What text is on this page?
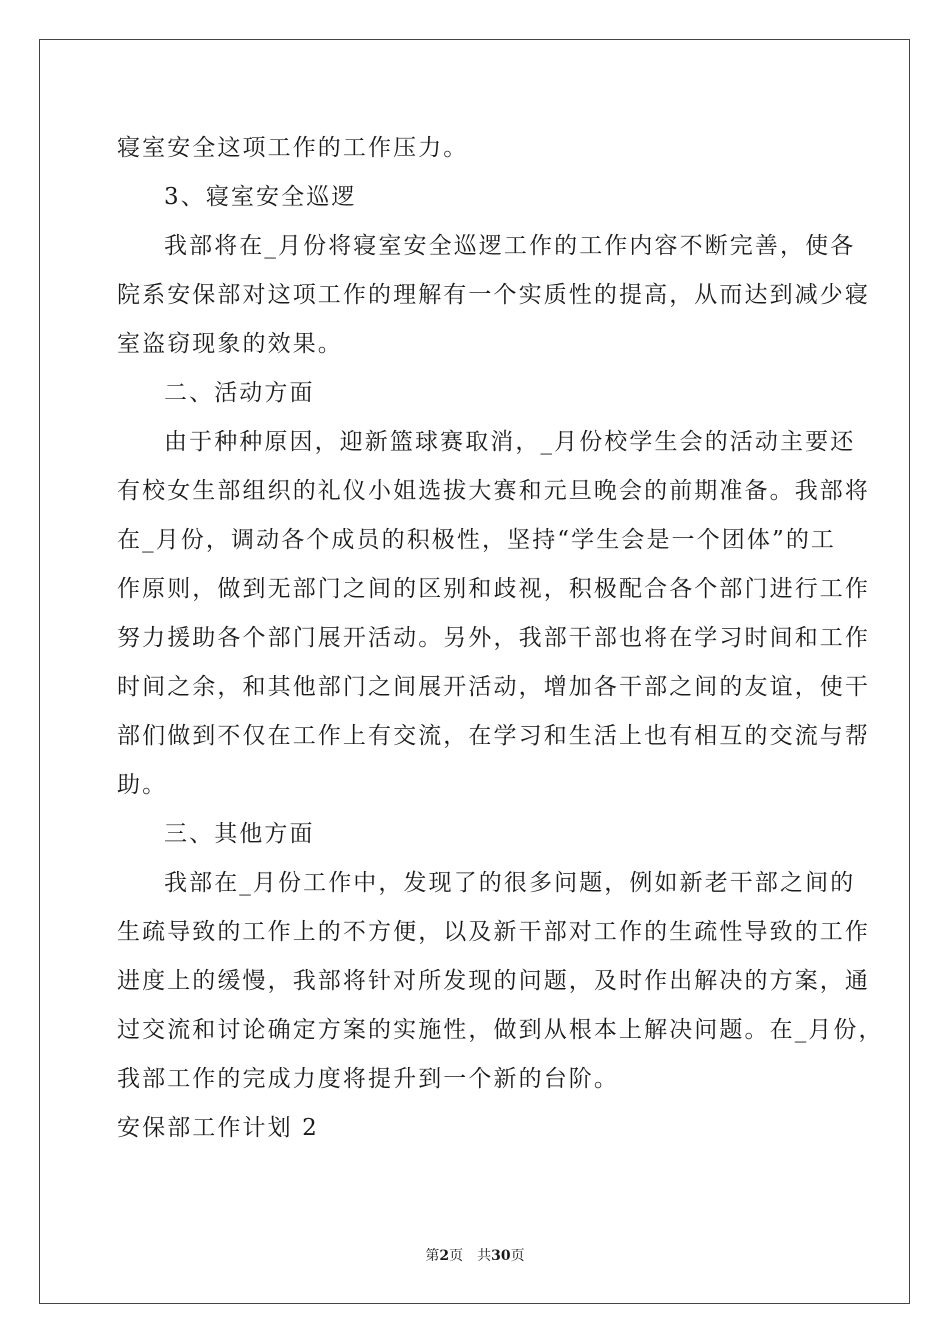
寝室安全这项工作的工作压力。
3、寝室安全巡逻
我部将在_月份将寝室安全巡逻工作的工作内容不断完善，使各
院系安保部对这项工作的理解有一个实质性的提高，从而达到减少寝
室盗窃现象的效果。
二、活动方面
由于种种原因，迎新篮球赛取消，_月份校学生会的活动主要还
有校女生部组织的礼仪小姐选拔大赛和元旦晚会的前期准备。我部将
在_月份，调动各个成员的积极性，坚持“学生会是一个团体”的工
作原则，做到无部门之间的区别和歧视，积极配合各个部门进行工作
努力援助各个部门展开活动。另外，我部干部也将在学习时间和工作
时间之余，和其他部门之间展开活动，增加各干部之间的友谊，使干
部们做到不仅在工作上有交流，在学习和生活上也有相互的交流与帮
助。
三、其他方面
我部在_月份工作中，发现了的很多问题，例如新老干部之间的
生疏导致的工作上的不方便，以及新干部对工作的生疏性导致的工作
进度上的缓慢，我部将针对所发现的问题，及时作出解决的方案，通
过交流和讨论确定方案的实施性，做到从根本上解决问题。在_月份，
我部工作的完成力度将提升到一个新的台阶。
安保部工作计划 2
第2页 共30页
